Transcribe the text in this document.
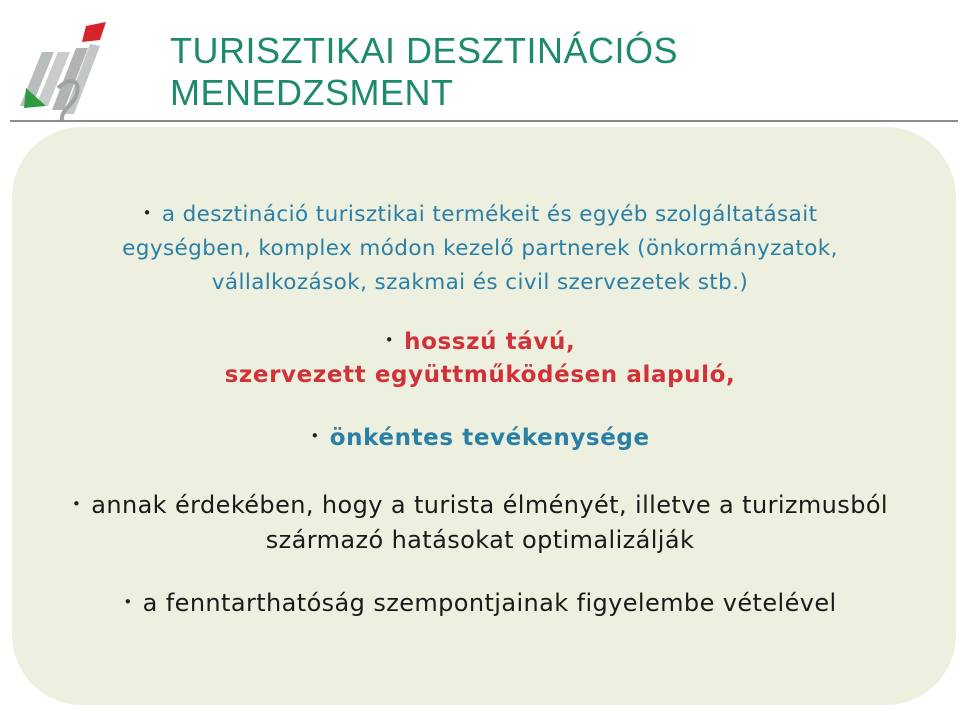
TURISZTIKAI DESZTINÁCIÓS
MENEDZSMENT

• a desztináció turisztikai termékeit és egyéb szolgáltatásait
egységben, komplex módon kezelő partnerek (önkormányzatok,
vállalkozások, szakmai és civil szervezetek stb.)

• hosszú távú,
szervezett együttműködésen alapuló,

• önkéntes tevékenysége

• annak érdekében, hogy a turista élményét, illetve a turizmusból
származó hatásokat optimalizálják

• a fenntarthatóság szempontjainak figyelembe vételével
